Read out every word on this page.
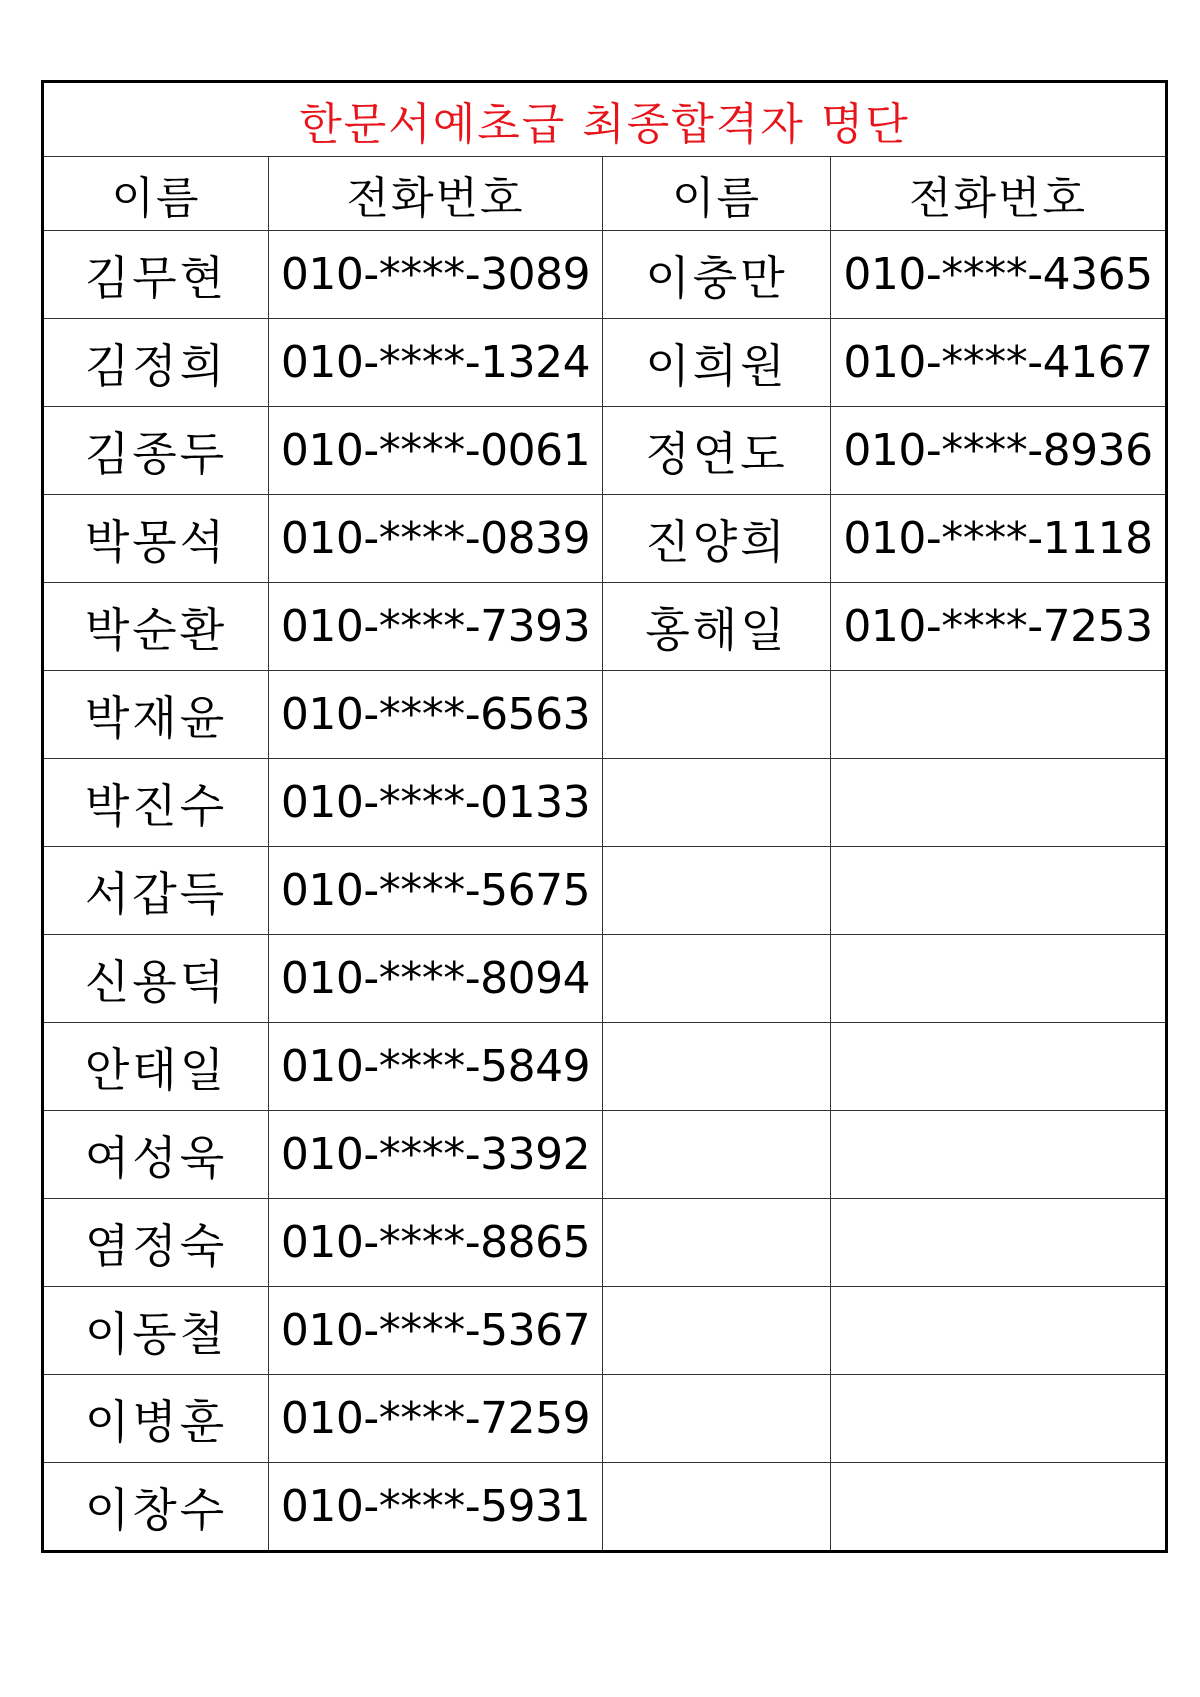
한문서예초급 최종합격자 명단			
이름	전화번호	이름	전화번호
김무현	010-****-3089	이충만	010-****-4365
김정희	010-****-1324	이희원	010-****-4167
김종두	010-****-0061	정연도	010-****-8936
박몽석	010-****-0839	진양희	010-****-1118
박순환	010-****-7393	홍해일	010-****-7253
박재윤	010-****-6563		
박진수	010-****-0133		
서갑득	010-****-5675		
신용덕	010-****-8094		
안태일	010-****-5849		
여성욱	010-****-3392		
염정숙	010-****-8865		
이동철	010-****-5367		
이병훈	010-****-7259		
이창수	010-****-5931		
